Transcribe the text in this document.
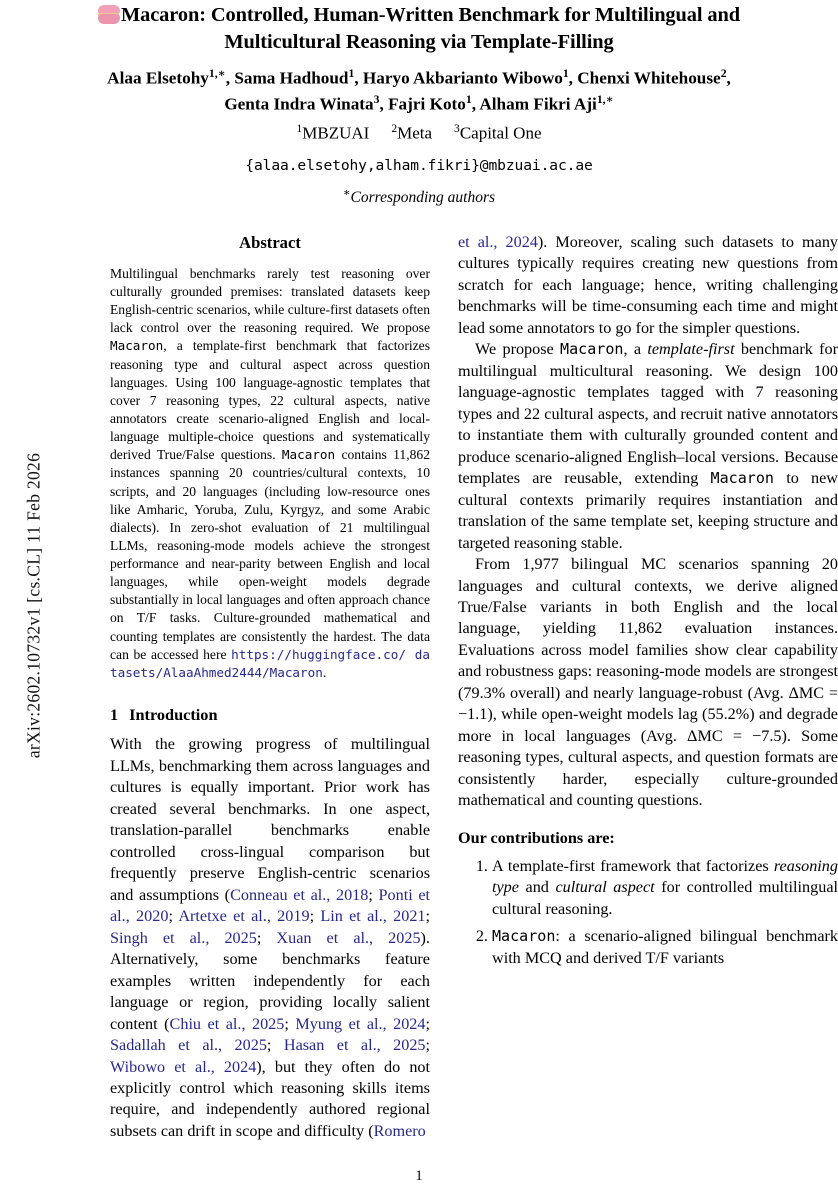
arXiv:2602.10732v1 [cs.CL] 11 Feb 2026
Macaron: Controlled, Human-Written Benchmark for Multilingual and
Multicultural Reasoning via Template-Filling
Alaa Elsetohy$^{1,∗}$, Sama Hadhoud$^1$, Haryo Akbarianto Wibowo$^1$, Chenxi Whitehouse$^2$,
Genta Indra Winata$^3$, Fajri Koto$^1$, Alham Fikri Aji$^{1,∗}$
$^1$MBZUAI $^2$Meta $^3$Capital One
{alaa.elsetohy,alham.fikri}@mbzuai.ac.ae
∗Corresponding authors
Abstract
Multilingual benchmarks rarely test reasoning over culturally grounded premises: translated datasets keep English-centric scenarios, while culture-first datasets often lack control over the reasoning required. We propose Macaron, a template-first benchmark that factorizes reasoning type and cultural aspect across question languages. Using 100 language-agnostic templates that cover 7 reasoning types, 22 cultural aspects, native annotators create scenario-aligned English and local-language multiple-choice questions and systematically derived True/False questions. Macaron contains 11,862 instances spanning 20 countries/cultural contexts, 10 scripts, and 20 languages (including low-resource ones like Amharic, Yoruba, Zulu, Kyrgyz, and some Arabic dialects). In zero-shot evaluation of 21 multilingual LLMs, reasoning-mode models achieve the strongest performance and near-parity between English and local languages, while open-weight models degrade substantially in local languages and often approach chance on T/F tasks. Culture-grounded mathematical and counting templates are consistently the hardest. The data can be accessed here https://huggingface.co/ datasets/AlaaAhmed2444/Macaron.
1 Introduction

With the growing progress of multilingual LLMs, benchmarking them across languages and cultures is equally important. Prior work has created several benchmarks. In one aspect, translation-parallel benchmarks enable controlled cross-lingual comparison but frequently preserve English-centric scenarios and assumptions (Conneau et al., 2018; Ponti et al., 2020; Artetxe et al., 2019; Lin et al., 2021; Singh et al., 2025; Xuan et al., 2025). Alternatively, some benchmarks feature examples written independently for each language or region, providing locally salient content (Chiu et al., 2025; Myung et al., 2024; Sadallah et al., 2025; Hasan et al., 2025; Wibowo et al., 2024), but they often do not explicitly control which reasoning skills items require, and independently authored regional subsets can drift in scope and difficulty (Romero

et al., 2024). Moreover, scaling such datasets to many cultures typically requires creating new questions from scratch for each language; hence, writing challenging benchmarks will be time-consuming each time and might lead some annotators to go for the simpler questions.

We propose Macaron, a template-first benchmark for multilingual multicultural reasoning. We design 100 language-agnostic templates tagged with 7 reasoning types and 22 cultural aspects, and recruit native annotators to instantiate them with culturally grounded content and produce scenario-aligned English–local versions. Because templates are reusable, extending Macaron to new cultural contexts primarily requires instantiation and translation of the same template set, keeping structure and targeted reasoning stable.

From 1,977 bilingual MC scenarios spanning 20 languages and cultural contexts, we derive aligned True/False variants in both English and the local language, yielding 11,862 evaluation instances. Evaluations across model families show clear capability and robustness gaps: reasoning-mode models are strongest (79.3% overall) and nearly language-robust (Avg. ΔMC = −1.1), while open-weight models lag (55.2%) and degrade more in local languages (Avg. ΔMC = −7.5). Some reasoning types, cultural aspects, and question formats are consistently harder, especially culture-grounded mathematical and counting questions.

Our contributions are:
1. A template-first framework that factorizes reasoning type and cultural aspect for controlled multilingual cultural reasoning.
2. Macaron: a scenario-aligned bilingual benchmark with MCQ and derived T/F variants
1
